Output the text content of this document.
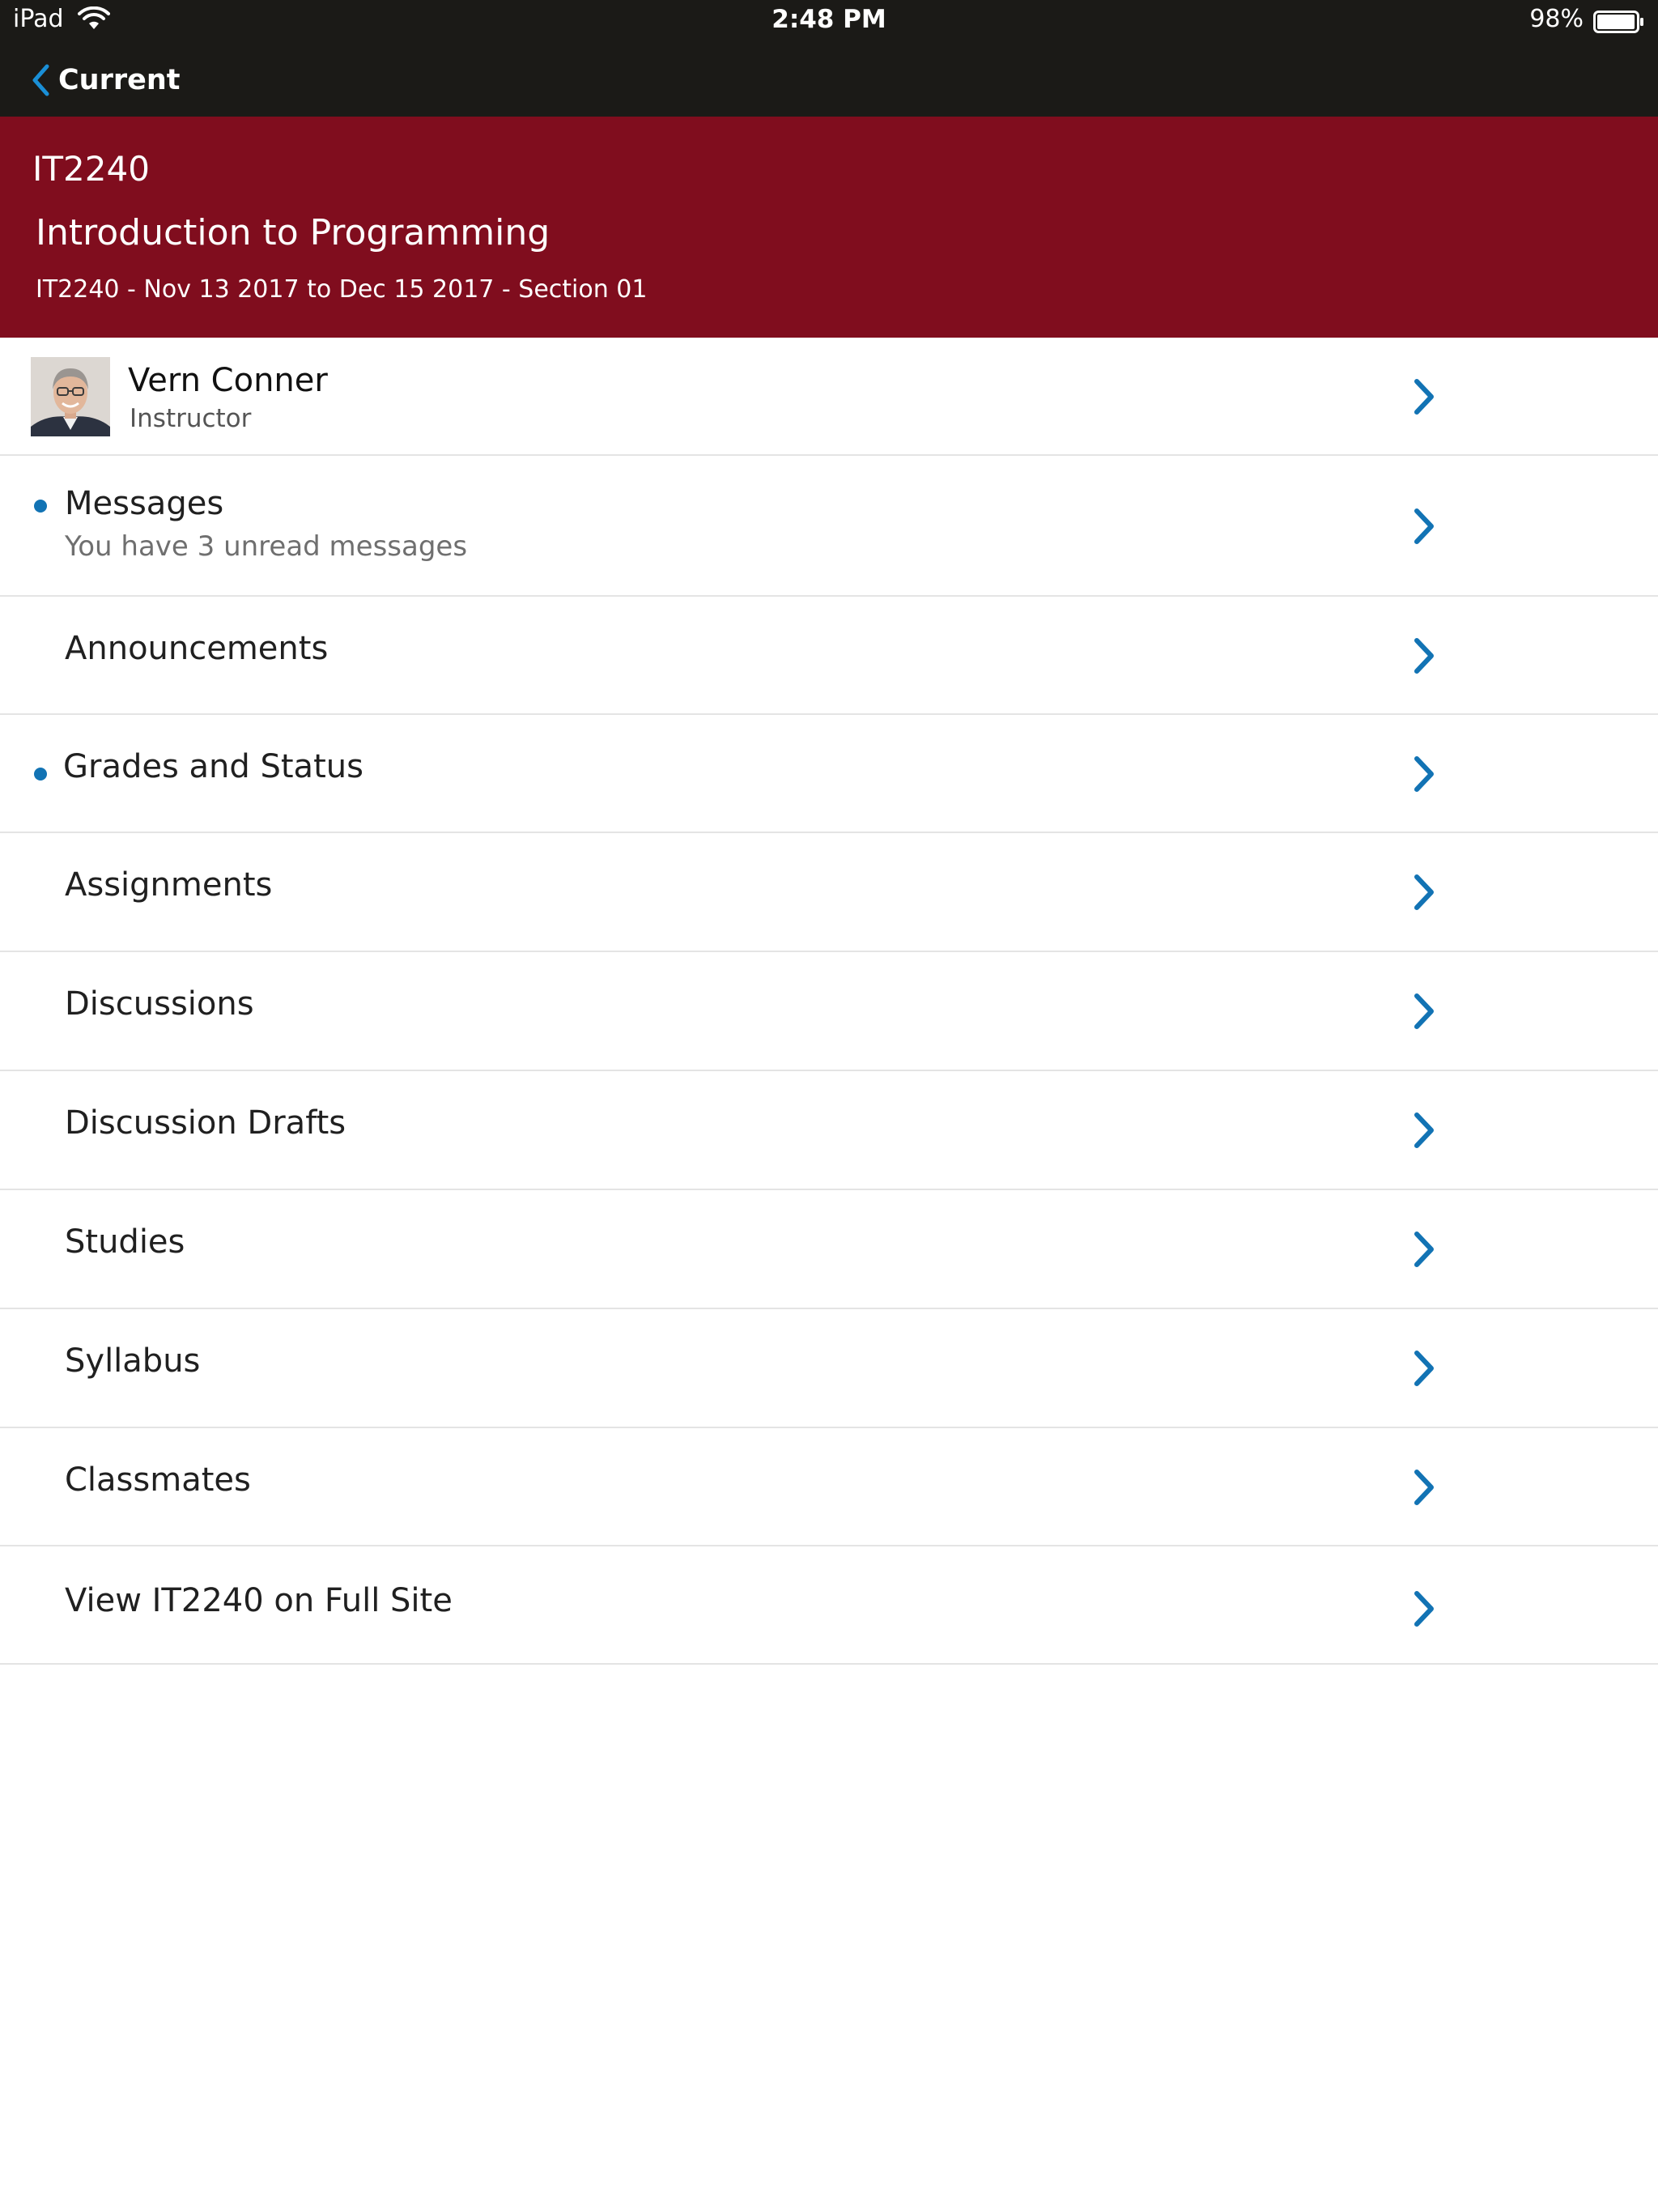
iPad	2:48 PM	98%
Current
IT2240
Introduction to Programming
IT2240 - Nov 13 2017 to Dec 15 2017 - Section 01
Vern Conner
Instructor
Messages
You have 3 unread messages
Announcements
Grades and Status
Assignments
Discussions
Discussion Drafts
Studies
Syllabus
Classmates
View IT2240 on Full Site
